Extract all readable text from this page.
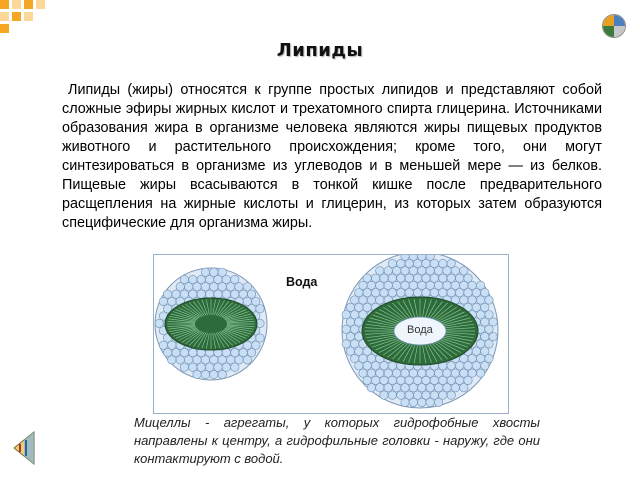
Липиды

Липиды (жиры) относятся к группе простых липидов и представляют собой сложные эфиры жирных кислот и трехатомного спирта глицерина. Источниками образования жира в организме человека являются жиры пищевых продуктов животного и растительного происхождения; кроме того, они могут синтезироваться в организме из углеводов и в меньшей мере — из белков. Пищевые жиры всасываются в тонкой кишке после предварительного расщепления на жирные кислоты и глицерин, из которых затем образуются специфические для организма жиры.

Вода
Вода

Мицеллы - агрегаты, у которых гидрофобные хвосты направлены к центру, а гидрофильные головки - наружу, где они контактируют с водой.
